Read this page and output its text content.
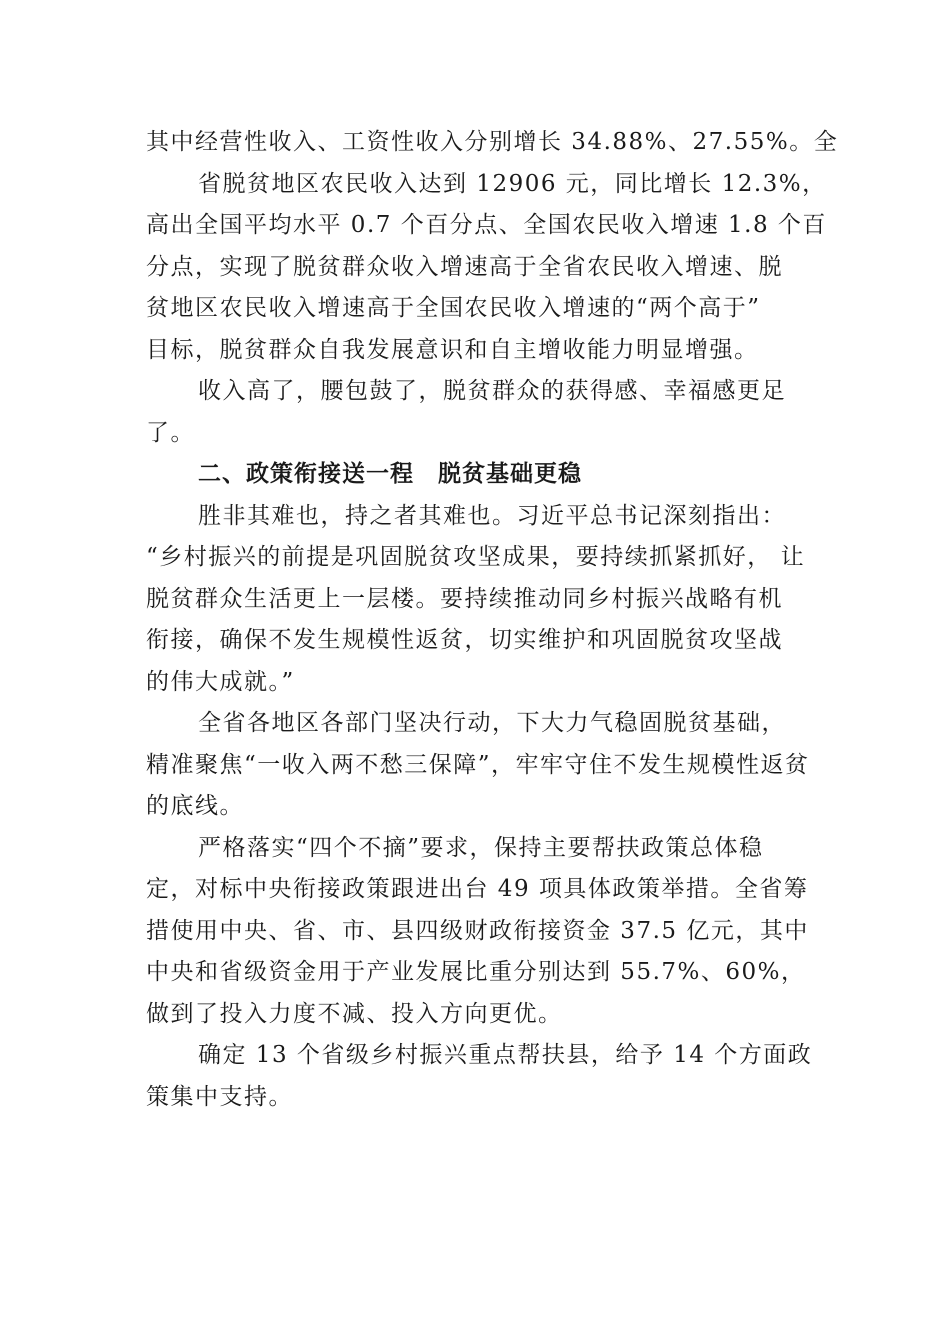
其中经营性收入、工资性收入分别增长 34.88%、27.55%。全
省脱贫地区农民收入达到 12906 元，同比增长 12.3%，
高出全国平均水平 0.7 个百分点、全国农民收入增速 1.8 个百
分点，实现了脱贫群众收入增速高于全省农民收入增速、脱
贫地区农民收入增速高于全国农民收入增速的“两个高于”
目标，脱贫群众自我发展意识和自主增收能力明显增强。
收入高了，腰包鼓了，脱贫群众的获得感、幸福感更足
了。
二、政策衔接送一程　脱贫基础更稳
胜非其难也，持之者其难也。习近平总书记深刻指出：
“乡村振兴的前提是巩固脱贫攻坚成果，要持续抓紧抓好， 让
脱贫群众生活更上一层楼。要持续推动同乡村振兴战略有机
衔接，确保不发生规模性返贫，切实维护和巩固脱贫攻坚战
的伟大成就。”
全省各地区各部门坚决行动，下大力气稳固脱贫基础，
精准聚焦“一收入两不愁三保障”，牢牢守住不发生规模性返贫
的底线。
严格落实“四个不摘”要求，保持主要帮扶政策总体稳
定，对标中央衔接政策跟进出台 49 项具体政策举措。全省筹
措使用中央、省、市、县四级财政衔接资金 37.5 亿元，其中
中央和省级资金用于产业发展比重分别达到 55.7%、60%，
做到了投入力度不减、投入方向更优。
确定 13 个省级乡村振兴重点帮扶县，给予 14 个方面政
策集中支持。
